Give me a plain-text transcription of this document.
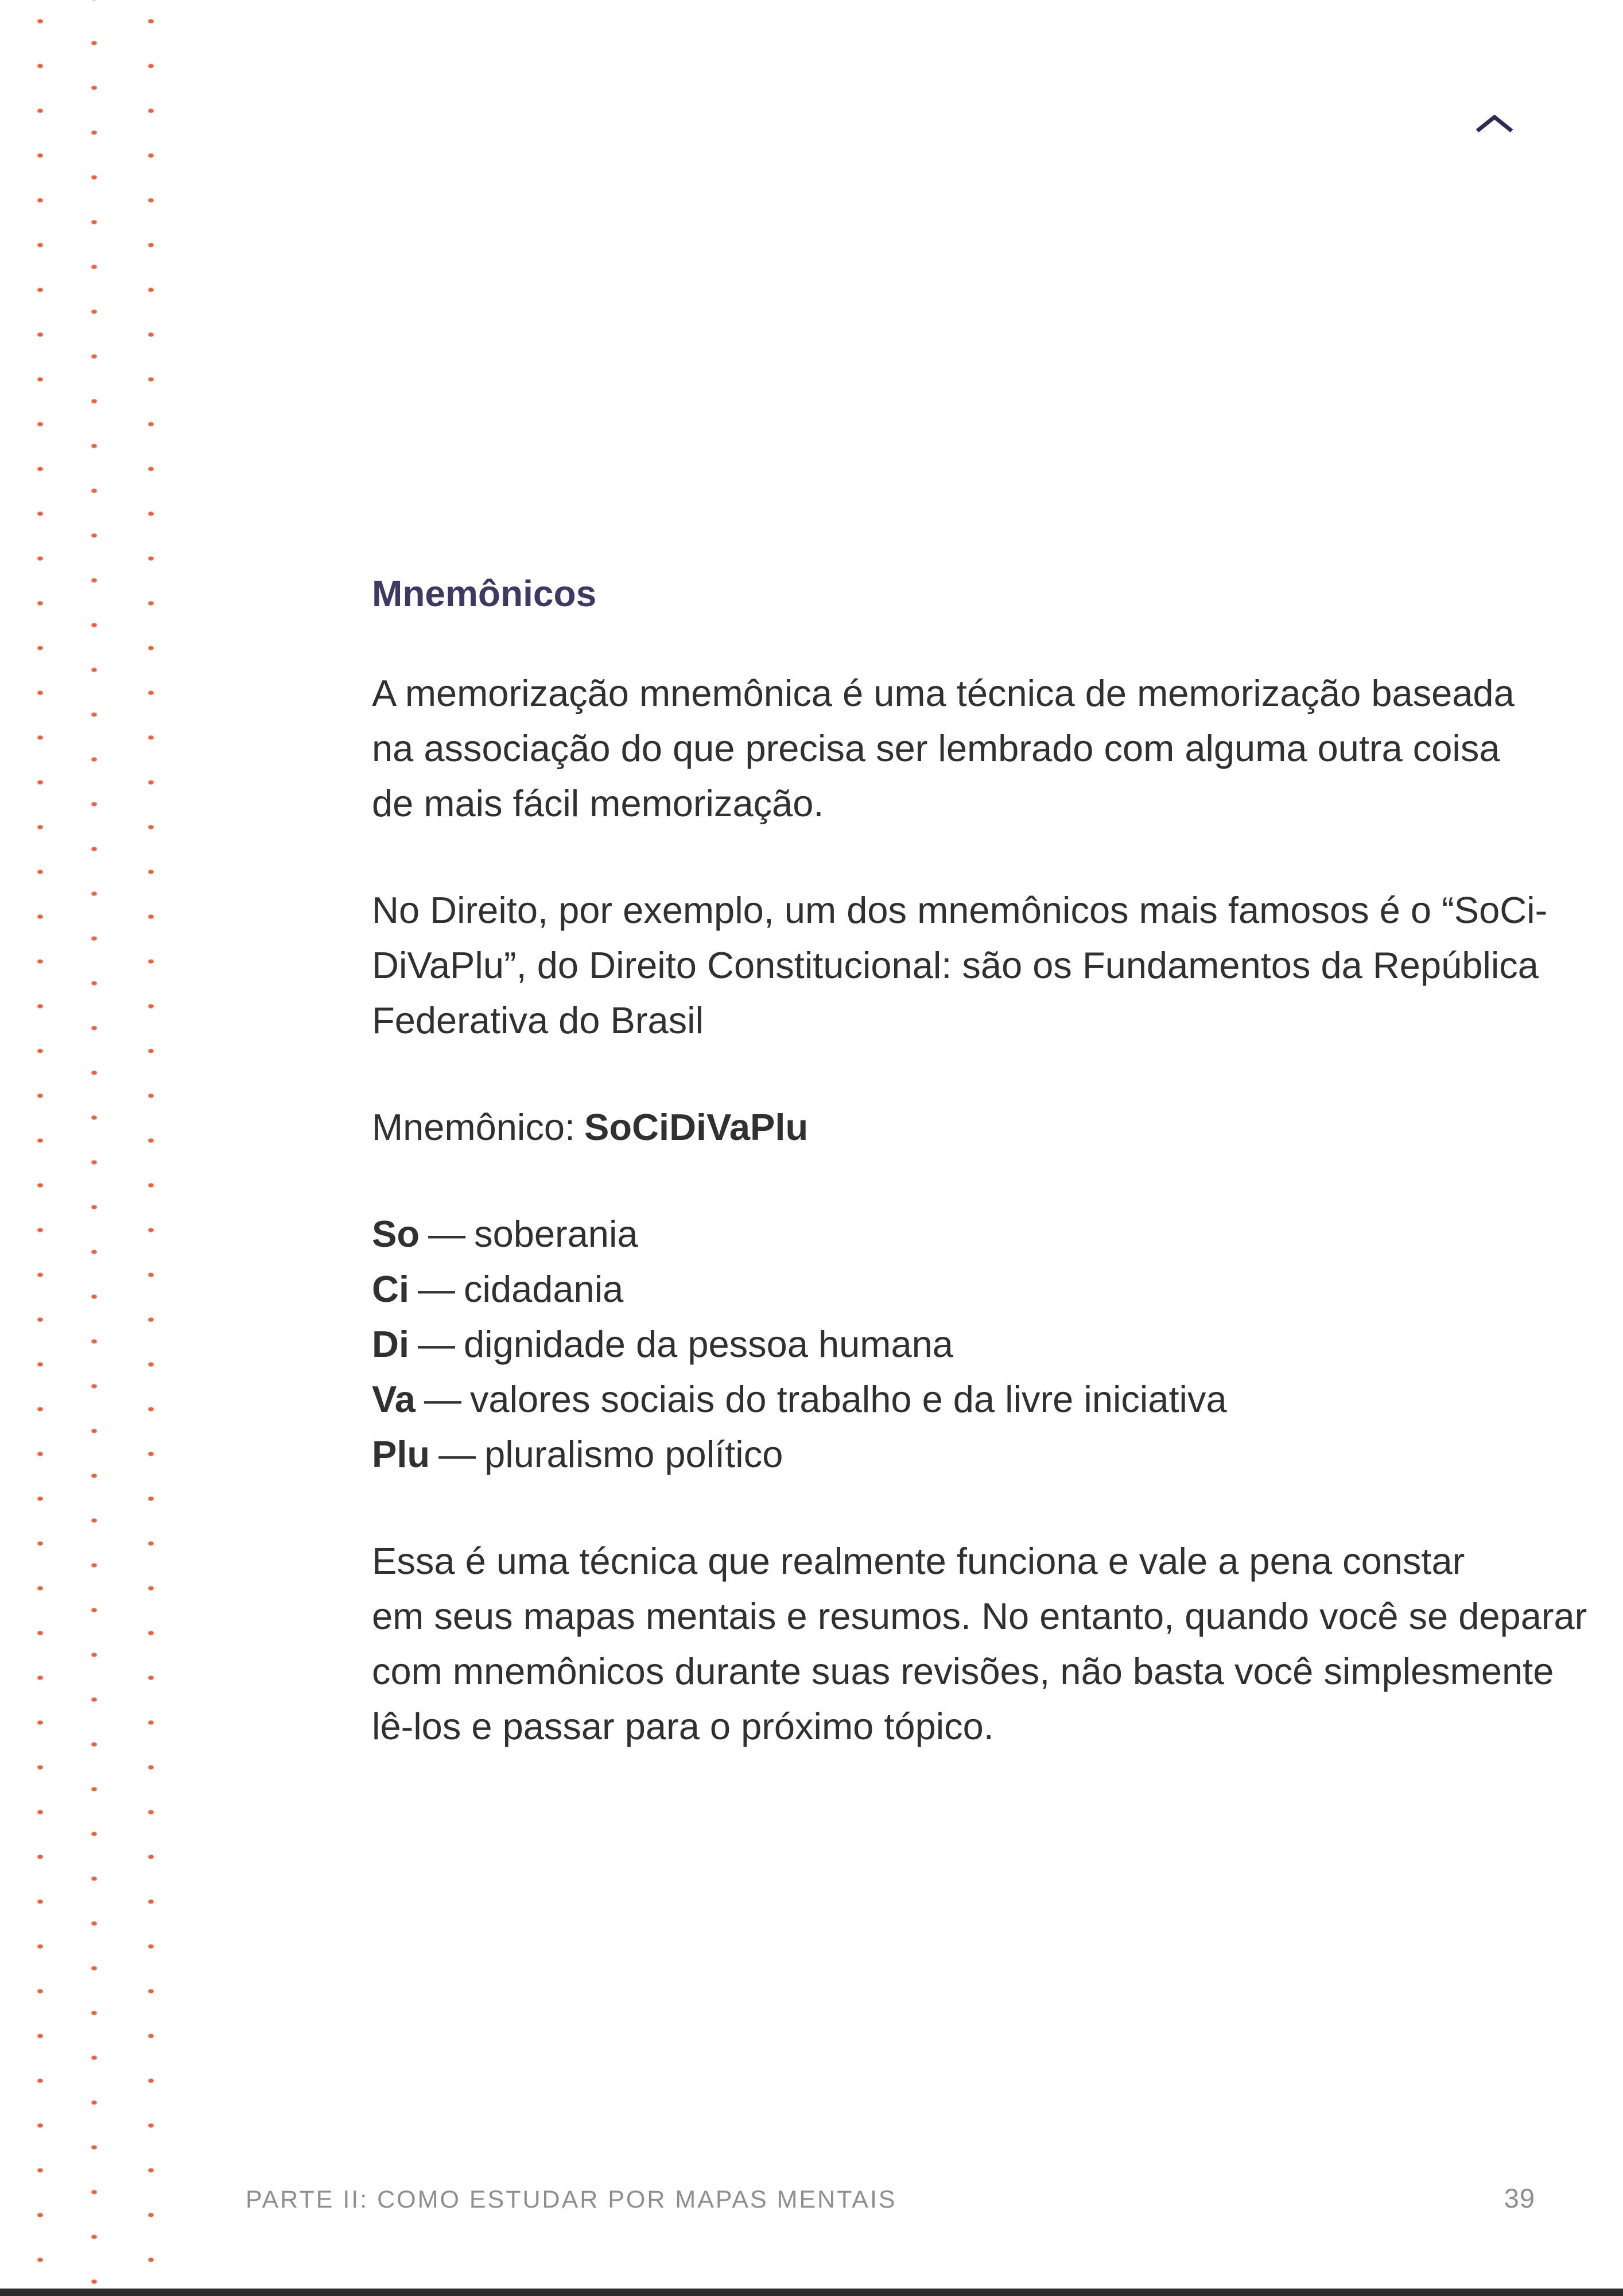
Mnemônicos
A memorização mnemônica é uma técnica de memorização baseada
na associação do que precisa ser lembrado com alguma outra coisa
de mais fácil memorização.
No Direito, por exemplo, um dos mnemônicos mais famosos é o “SoCi-
DiVaPlu”, do Direito Constitucional: são os Fundamentos da República
Federativa do Brasil
Mnemônico: SoCiDiVaPlu
So — soberania
Ci — cidadania
Di — dignidade da pessoa humana
Va — valores sociais do trabalho e da livre iniciativa
Plu — pluralismo político
Essa é uma técnica que realmente funciona e vale a pena constar
em seus mapas mentais e resumos. No entanto, quando você se deparar
com mnemônicos durante suas revisões, não basta você simplesmente
lê-los e passar para o próximo tópico.
PARTE II: COMO ESTUDAR POR MAPAS MENTAIS	39
